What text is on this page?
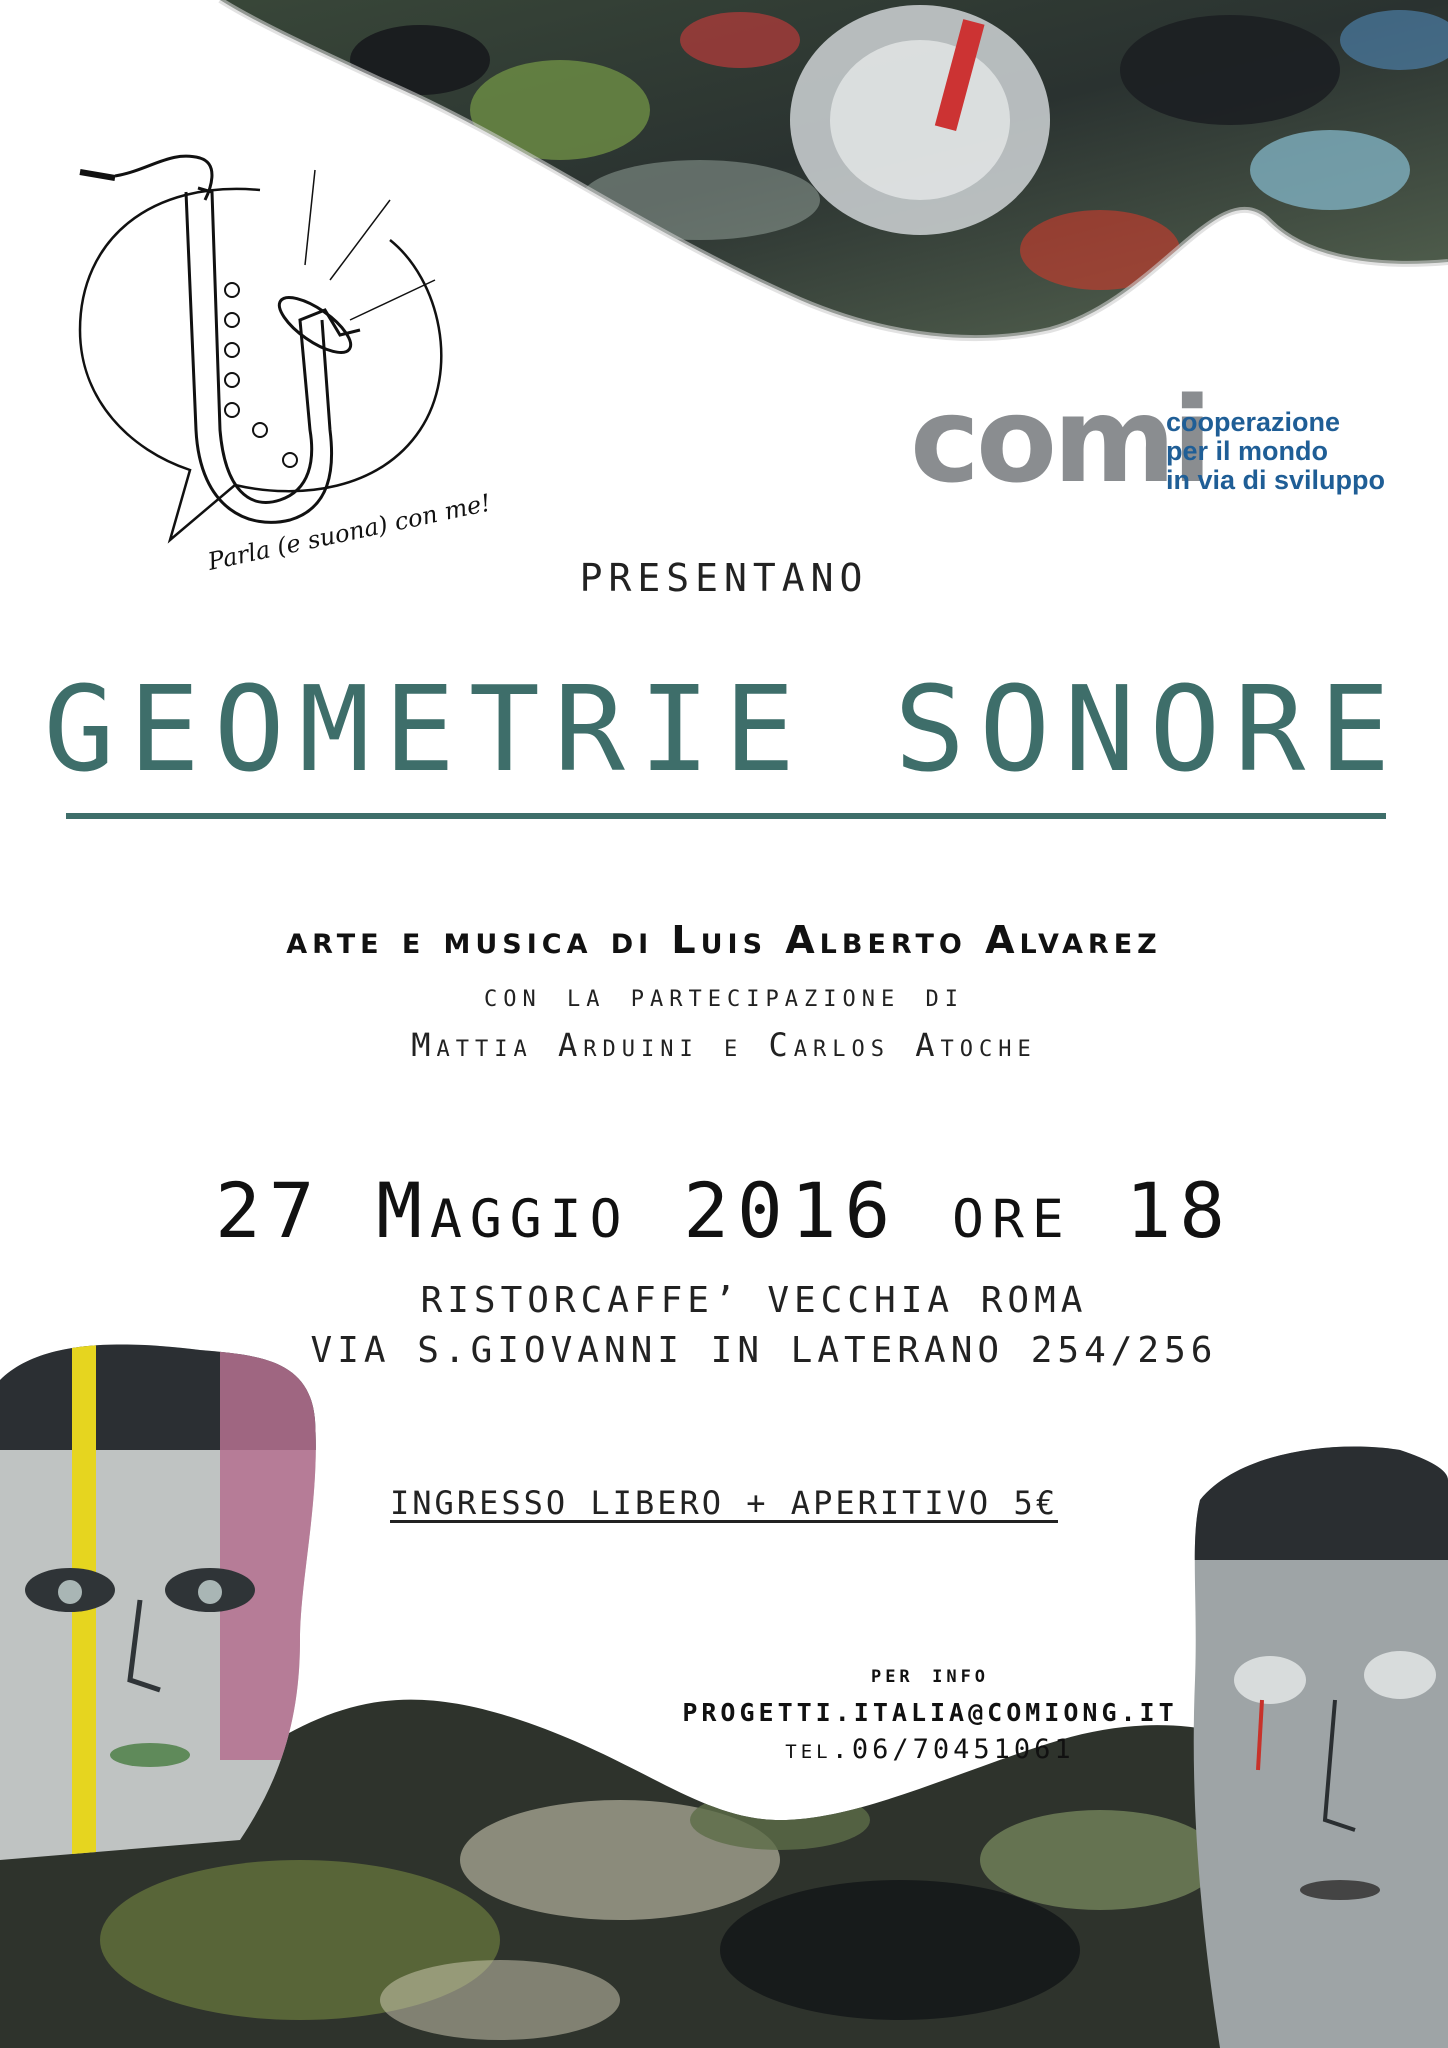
Parla (e suona) con me!
comi
cooperazione
per il mondo
in via di sviluppo
PRESENTANO
GEOMETRIE SONORE
arte e musica di Luis Alberto Alvarez
con la partecipazione di
Mattia Arduini e Carlos Atoche
27 Maggio 2016 ore 18
RISTORCAFFE’ VECCHIA ROMA
VIA S.GIOVANNI IN LATERANO 254/256
INGRESSO LIBERO + APERITIVO 5€
per info
PROGETTI.ITALIA@COMIONG.IT
tel.06/70451061
